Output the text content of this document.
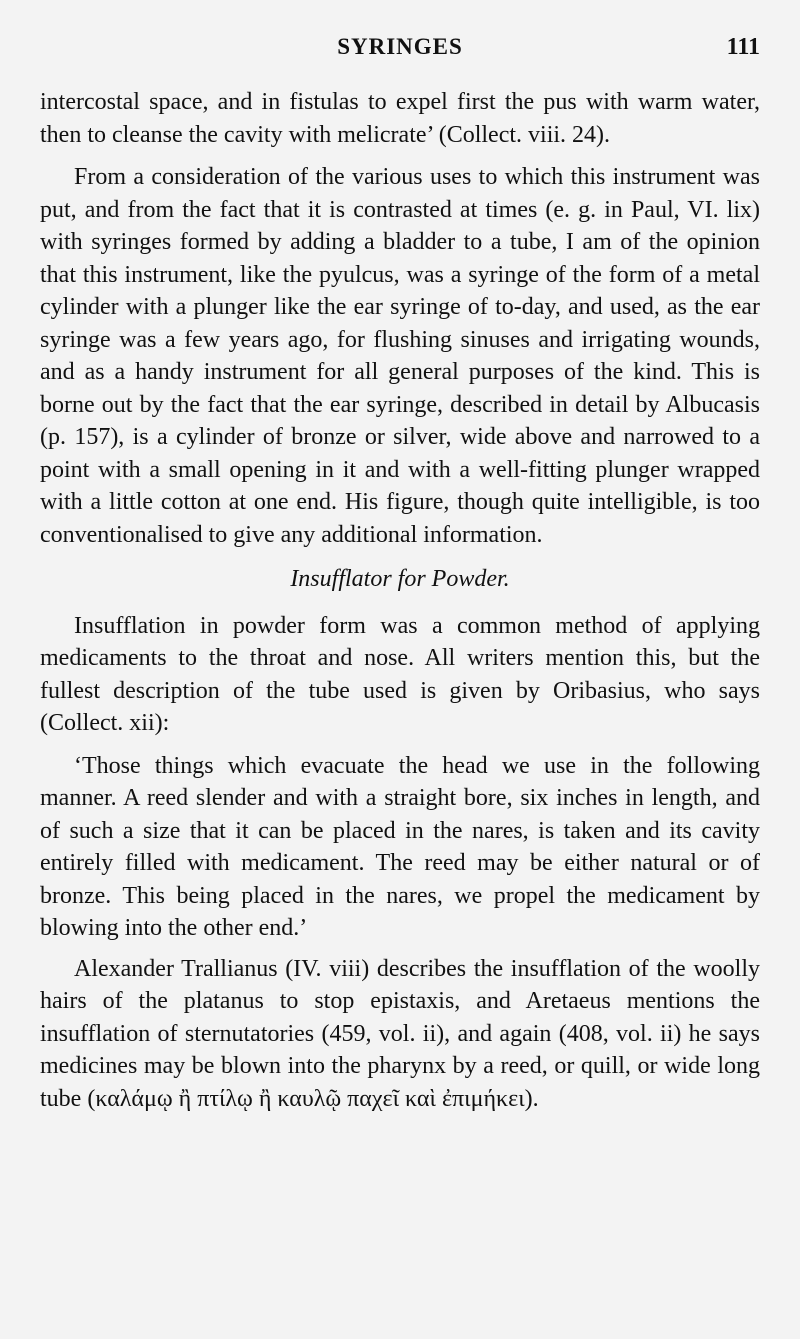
SYRINGES	111

intercostal space, and in fistulas to expel first the pus with warm water, then to cleanse the cavity with melicrate’ (Collect. viii. 24).

From a consideration of the various uses to which this instrument was put, and from the fact that it is contrasted at times (e. g. in Paul, VI. lix) with syringes formed by adding a bladder to a tube, I am of the opinion that this instrument, like the pyulcus, was a syringe of the form of a metal cylinder with a plunger like the ear syringe of to-day, and used, as the ear syringe was a few years ago, for flushing sinuses and irrigating wounds, and as a handy instrument for all general purposes of the kind. This is borne out by the fact that the ear syringe, described in detail by Albucasis (p. 157), is a cylinder of bronze or silver, wide above and narrowed to a point with a small opening in it and with a well-fitting plunger wrapped with a little cotton at one end. His figure, though quite intelligible, is too conventionalised to give any additional information.

Insufflator for Powder.

Insufflation in powder form was a common method of applying medicaments to the throat and nose. All writers mention this, but the fullest description of the tube used is given by Oribasius, who says (Collect. xii):

‘Those things which evacuate the head we use in the following manner. A reed slender and with a straight bore, six inches in length, and of such a size that it can be placed in the nares, is taken and its cavity entirely filled with medicament. The reed may be either natural or of bronze. This being placed in the nares, we propel the medicament by blowing into the other end.’

Alexander Trallianus (IV. viii) describes the insufflation of the woolly hairs of the platanus to stop epistaxis, and Aretaeus mentions the insufflation of sternutatories (459, vol. ii), and again (408, vol. ii) he says medicines may be blown into the pharynx by a reed, or quill, or wide long tube (καλάμῳ ἢ πτίλῳ ἢ καυλῷ παχεῖ καὶ ἐπιμήκει).
